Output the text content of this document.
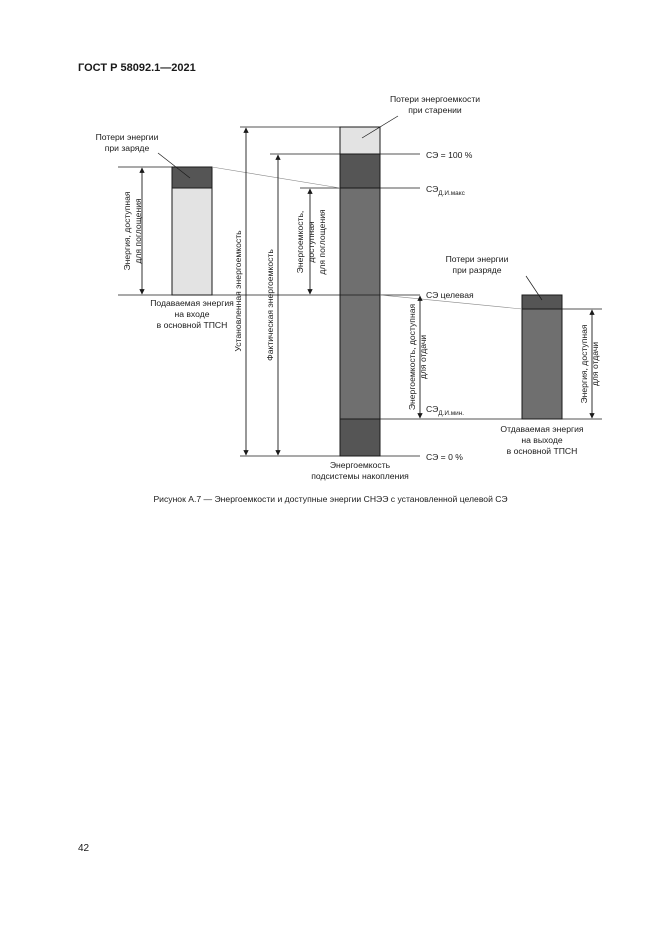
ГОСТ Р 58092.1—2021
Потери энергии
при заряде
Потери энергоемкости
при старении
Потери энергии
при разряде
Подаваемая энергия
на входе
в основной ТПСН
Отдаваемая энергия
на выходе
в основной ТПСН
Энергоемкость
подсистемы накопления
СЭ = 100 %
$СЭ_{Д.И.макс}$
СЭ целевая
$СЭ_{Д.И.мин.}$
СЭ = 0 %
Установленная энергоемкость	Фактическая энергоемкость
Энергоемкость, доступная для поглощения
Энергоемкость, доступная для отдачи
Энергия, доступная для поглощения
Энергия, доступная для отдачи
Рисунок А.7 — Энергоемкости и доступные энергии СНЭЭ с установленной целевой СЭ
42
